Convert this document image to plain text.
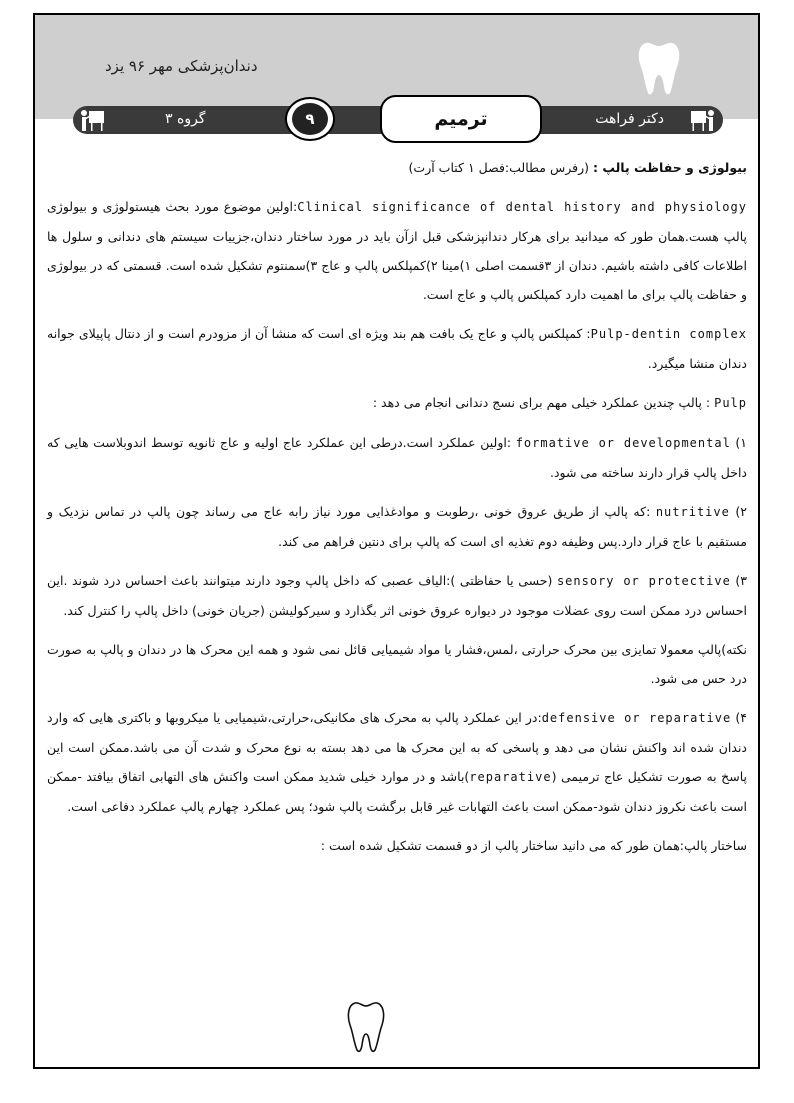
دندان‌پزشکی مهر ۹۶ یزد
گروه ۳	۹	ترمیم	دکتر فراهت

بیولوژی و حفاظت پالپ : (رفرس مطالب:فصل ۱ کتاب آرت)

Clinical significance of dental history and physiology:اولین موضوع مورد بحث هیستولوژی و بیولوژی پالپ هست.همان طور که میدانید برای هرکار دندانپزشکی قبل ازآن باید در مورد ساختار دندان،جزییات سیستم های دندانی و سلول ها اطلاعات کافی داشته باشیم. دندان از ۳قسمت اصلی ۱)مینا ۲)کمپلکس پالپ و عاج ۳)سمنتوم تشکیل شده است. قسمتی که در بیولوژی و حفاظت پالپ برای ما اهمیت دارد کمپلکس پالپ و عاج است.

Pulp-dentin complex: کمپلکس پالپ و عاج یک بافت هم بند ویژه ای است که منشا آن از مزودرم است و از دنتال پاپیلای جوانه دندان منشا میگیرد.

Pulp : پالپ چندین عملکرد خیلی مهم برای نسج دندانی انجام می دهد :

۱) formative or developmental :اولین عملکرد است.درطی این عملکرد عاج اولیه و عاج ثانویه توسط اندوبلاست هایی که داخل پالپ قرار دارند ساخته می شود.

۲) nutritive :که پالپ از طریق عروق خونی ،رطوبت و موادغذایی مورد نیاز رابه عاج می رساند چون پالپ در تماس نزدیک و مستقیم با عاج قرار دارد.پس وظیفه دوم تغذیه ای است که پالپ برای دنتین فراهم می کند.

۳) sensory or protective (حسی یا حفاظتی ):الیاف عصبی که داخل پالپ وجود دارند میتوانند باعث احساس درد شوند .این احساس درد ممکن است روی عضلات موجود در دیواره عروق خونی اثر بگذارد و سیرکولیشن (جریان خونی) داخل پالپ را کنترل کند.

نکته)پالپ معمولا تمایزی بین محرک حرارتی ،لمس،فشار یا مواد شیمیایی قائل نمی شود و همه این محرک ها در دندان و پالپ به صورت درد حس می شود.

۴) defensive or reparative:در این عملکرد پالپ به محرک های مکانیکی،حرارتی،شیمیایی یا میکروبها و باکتری هایی که وارد دندان شده اند واکنش نشان می دهد و پاسخی که به این محرک ها می دهد بسته به نوع محرک و شدت آن می باشد.ممکن است این پاسخ به صورت تشکیل عاج ترمیمی (reparative)باشد و در موارد خیلی شدید ممکن است واکنش های التهابی اتفاق بیافتد -ممکن است باعث نکروز دندان شود-ممکن است باعث التهابات غیر قابل برگشت پالپ شود؛ پس عملکرد چهارم پالپ عملکرد دفاعی است.

ساختار پالپ:همان طور که می دانید ساختار پالپ از دو قسمت تشکیل شده است :
